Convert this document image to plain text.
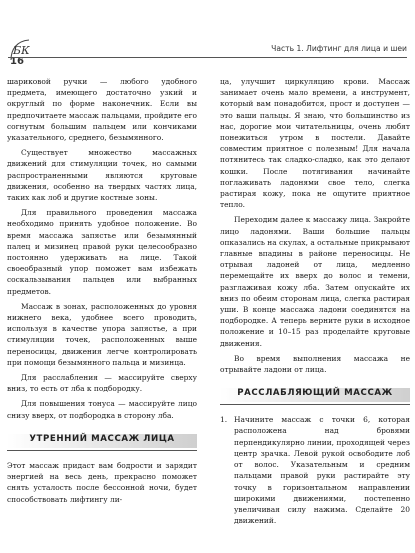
БК
16
Часть 1. Лифтинг для лица и шеи

шариковой ручки — любого удобного предмета, имеющего достаточно узкий и округлый по форме наконечник. Если вы предпочитаете массаж пальцами, пройдите его согнутым большим пальцем или кончиками указательного, среднего, безымянного.

Существует множество массажных движений для стимуляции точек, но самыми распространенными являются круговые движения, особенно на твердых частях лица, таких как лоб и другие костные зоны.

Для правильного проведения массажа необходимо принять удобное положение. Во время массажа запястье или безымянный палец и мизинец правой руки целесообразно постоянно удерживать на лице. Такой своеобразный упор поможет вам избежать соскальзывания пальцев или выбранных предметов.

Массаж в зонах, расположенных до уровня нижнего века, удобнее всего проводить, используя в качестве упора запястье, а при стимуляции точек, расположенных выше переносицы, движения легче контролировать при помощи безымянного пальца и мизинца.

Для расслабления — массируйте сверху вниз, то есть от лба к подбородку.

Для повышения тонуса — массируйте лицо снизу вверх, от подбородка в сторону лба.

УТРЕННИЙ МАССАЖ ЛИЦА

Этот массаж придаст вам бодрости и зарядит энергией на весь день, прекрасно поможет снять усталость после бессонной ночи, будет способствовать лифтингу ли-

ца, улучшит циркуляцию крови. Массаж занимает очень мало времени, а инструмент, который вам понадобится, прост и доступен — это ваши пальцы. Я знаю, что большинство из нас, дорогие мои читательницы, очень любят понежиться утром в постели. Давайте совместим приятное с полезным! Для начала потянитесь так сладко-сладко, как это делают кошки. После потягивания начинайте поглаживать ладонями свое тело, слегка растирая кожу, пока не ощутите приятное тепло.

Переходим далее к массажу лица. Закройте лицо ладонями. Ваши большие пальцы опказались на скулах, а остальные прикрывают главные впадины в районе переносицы. Не отрывая ладоней от лица, медленно перемещайте их вверх до волос и темени, разглаживая кожу лба. Затем опускайте их вниз по обеим сторонам лица, слегка растирая уши. В конце массажа ладони соединятся на подбородке. А теперь верните руки в исходное положение и 10–15 раз проделайте круговые движения.

Во время выполнения массажа не отрывайте ладони от лица.

РАССЛАБЛЯЮЩИЙ МАССАЖ
1. Начините массаж с точки 6, которая расположена над бровями перпендикулярно линии, проходящей через центр зрачка. Левой рукой освободите лоб от волос. Указательным и средним пальцами правой руки растирайте эту точку в горизонтальном направлении широкими движениями, постепенно увеличивая силу нажима. Сделайте 20 движений.
